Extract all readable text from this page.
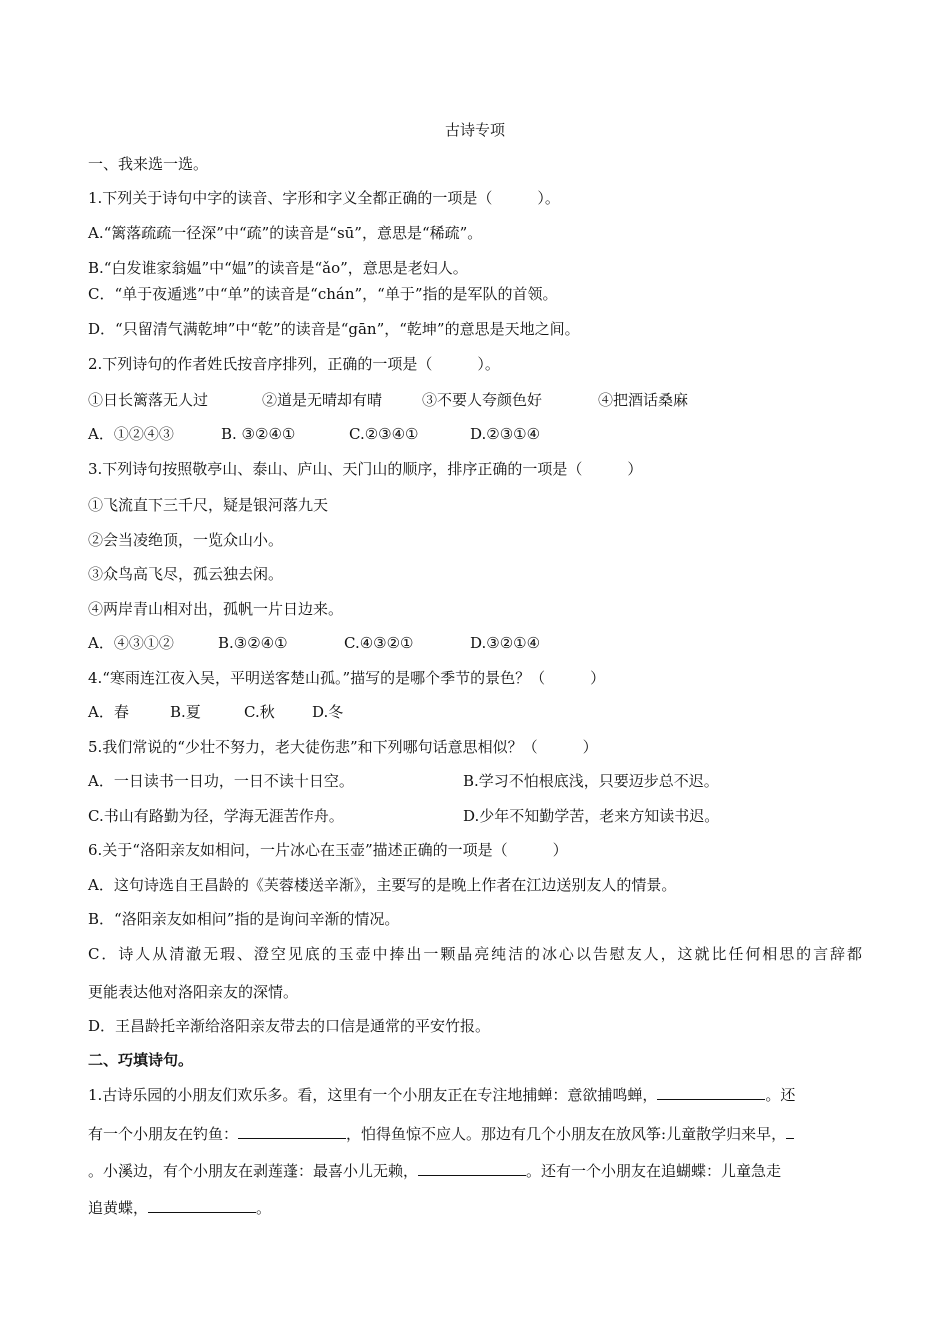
古诗专项
一、我来选一选。
1.下列关于诗句中字的读音、字形和字义全都正确的一项是（　　　）。
A.“篱落疏疏一径深”中“疏”的读音是“sū”，意思是“稀疏”。
B.“白发谁家翁媪”中“媪”的读音是“ǎo”，意思是老妇人。
C．“单于夜遁逃”中“单”的读音是“chán”，“单于”指的是军队的首领。
D．“只留清气满乾坤”中“乾”的读音是“gān”，“乾坤”的意思是天地之间。
2.下列诗句的作者姓氏按音序排列，正确的一项是（　　　）。
①日长篱落无人过	②道是无晴却有晴	③不要人夸颜色好	④把酒话桑麻
A．①②④③	B. ③②④①	C.②③④①	D.②③①④
3.下列诗句按照敬亭山、泰山、庐山、天门山的顺序，排序正确的一项是（　　　）
①飞流直下三千尺，疑是银河落九天
②会当凌绝顶，一览众山小。
③众鸟高飞尽，孤云独去闲。
④两岸青山相对出，孤帆一片日边来。
A．④③①②	B.③②④①	C.④③②①	D.③②①④
4.“寒雨连江夜入吴，平明送客楚山孤。”描写的是哪个季节的景色？（　　　）
A．春	B.夏	C.秋 D.冬
5.我们常说的“少壮不努力，老大徒伤悲”和下列哪句话意思相似？（　　　）
A．一日读书一日功，一日不读十日空。	B.学习不怕根底浅，只要迈步总不迟。
C.书山有路勤为径，学海无涯苦作舟。	D.少年不知勤学苦，老来方知读书迟。
6.关于“洛阳亲友如相问，一片冰心在玉壶”描述正确的一项是（　　　）
A．这句诗选自王昌龄的《芙蓉楼送辛渐》，主要写的是晚上作者在江边送别友人的情景。
B．“洛阳亲友如相问”指的是询问辛渐的情况。
C．诗人从清澈无瑕、澄空见底的玉壶中捧出一颗晶亮纯洁的冰心以告慰友人，这就比任何相思的言辞都
更能表达他对洛阳亲友的深情。
D．王昌龄托辛渐给洛阳亲友带去的口信是通常的平安竹报。
二、巧填诗句。
1.古诗乐园的小朋友们欢乐多。看，这里有一个小朋友正在专注地捕蝉：意欲捕鸣蝉，	。还
有一个小朋友在钓鱼：	，怕得鱼惊不应人。那边有几个小朋友在放风筝:儿童散学归来早，
。小溪边，有个小朋友在剥莲蓬：最喜小儿无赖，	。还有一个小朋友在追蝴蝶：儿童急走
追黄蝶，	。
